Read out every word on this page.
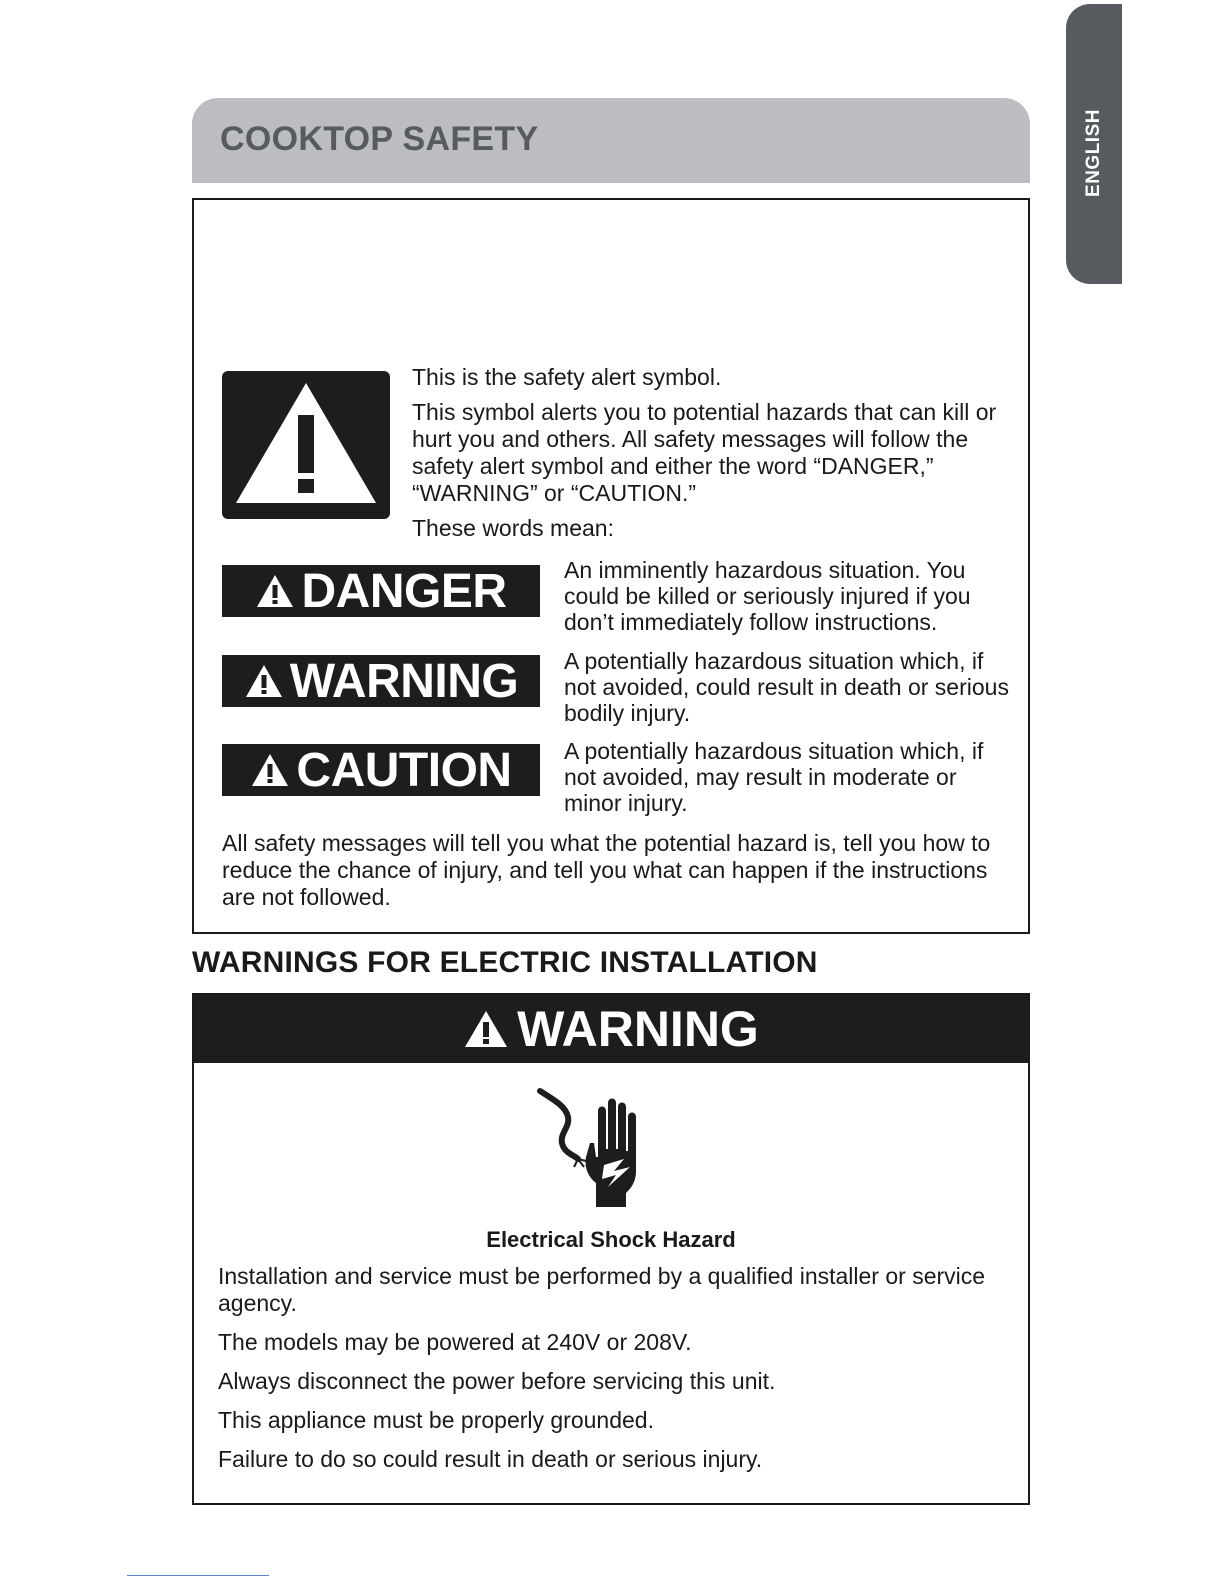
ENGLISH
COOKTOP SAFETY

This is the safety alert symbol.

This symbol alerts you to potential hazards that can kill or hurt you and others. All safety messages will follow the safety alert symbol and either the word “DANGER,” “WARNING” or “CAUTION.”

These words mean:

DANGER	An imminently hazardous situation. You could be killed or seriously injured if you don’t immediately follow instructions.
WARNING A potentially hazardous situation which, if not avoided, could result in death or serious bodily injury.
CAUTION A potentially hazardous situation which, if not avoided, may result in moderate or minor injury.
All safety messages will tell you what the potential hazard is, tell you how to reduce the chance of injury, and tell you what can happen if the instructions are not followed.
WARNINGS FOR ELECTRIC INSTALLATION
WARNING
Electrical Shock Hazard

Installation and service must be performed by a qualified installer or service agency.

The models may be powered at 240V or 208V.

Always disconnect the power before servicing this unit.

This appliance must be properly grounded.

Failure to do so could result in death or serious injury.
